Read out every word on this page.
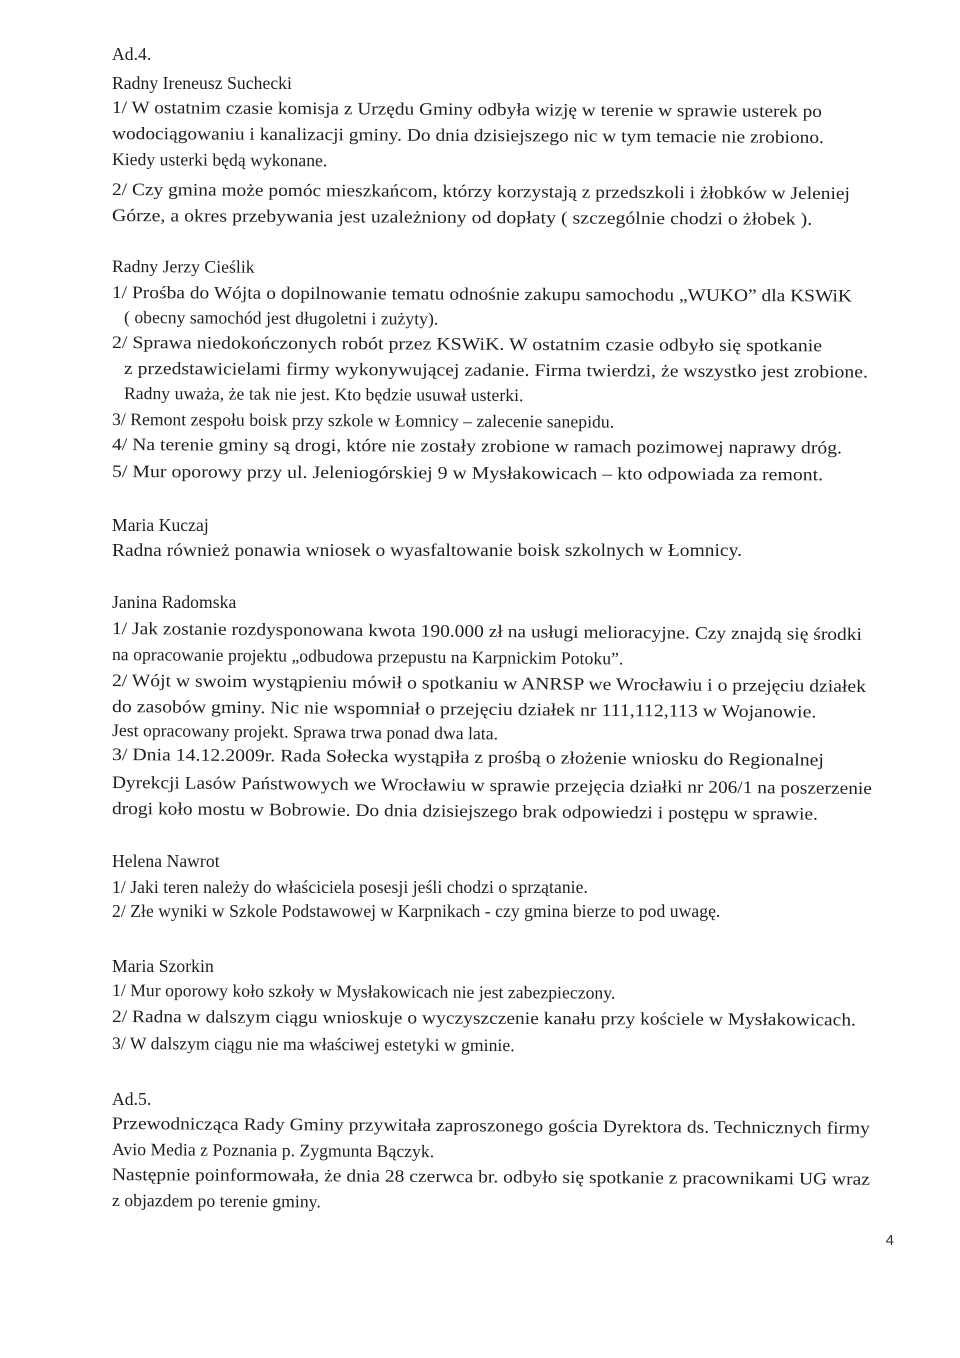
Ad.4.
Radny Ireneusz Suchecki
1/ W ostatnim czasie komisja z Urzędu Gminy odbyła wizję w terenie w sprawie usterek po
wodociągowaniu i kanalizacji gminy. Do dnia dzisiejszego nic w tym temacie nie zrobiono.
Kiedy usterki będą wykonane.
2/ Czy gmina może pomóc mieszkańcom, którzy korzystają z przedszkoli i żłobków w Jeleniej
Górze, a okres przebywania jest uzależniony od dopłaty ( szczególnie chodzi o żłobek ).
Radny Jerzy Cieślik
1/ Prośba do Wójta o dopilnowanie tematu odnośnie zakupu samochodu „WUKO” dla KSWiK
( obecny samochód jest długoletni i zużyty).
2/ Sprawa niedokończonych robót przez KSWiK. W ostatnim czasie odbyło się spotkanie
z przedstawicielami firmy wykonywującej zadanie. Firma twierdzi, że wszystko jest zrobione.
Radny uważa, że tak nie jest. Kto będzie usuwał usterki.
3/ Remont zespołu boisk przy szkole w Łomnicy – zalecenie sanepidu.
4/ Na terenie gminy są drogi, które nie zostały zrobione w ramach pozimowej naprawy dróg.
5/ Mur oporowy przy ul. Jeleniogórskiej 9 w Mysłakowicach – kto odpowiada za remont.
Maria Kuczaj
Radna również ponawia wniosek o wyasfaltowanie boisk szkolnych w Łomnicy.
Janina Radomska
1/ Jak zostanie rozdysponowana kwota 190.000 zł na usługi melioracyjne. Czy znajdą się środki
na opracowanie projektu „odbudowa przepustu na Karpnickim Potoku”.
2/ Wójt w swoim wystąpieniu mówił o spotkaniu w ANRSP we Wrocławiu i o przejęciu działek
do zasobów gminy. Nic nie wspomniał o przejęciu działek nr 111,112,113 w Wojanowie.
Jest opracowany projekt. Sprawa trwa ponad dwa lata.
3/ Dnia 14.12.2009r. Rada Sołecka wystąpiła z prośbą o złożenie wniosku do Regionalnej
Dyrekcji Lasów Państwowych we Wrocławiu w sprawie przejęcia działki nr 206/1 na poszerzenie
drogi koło mostu w Bobrowie. Do dnia dzisiejszego brak odpowiedzi i postępu w sprawie.
Helena Nawrot
1/ Jaki teren należy do właściciela posesji jeśli chodzi o sprzątanie.
2/ Złe wyniki w Szkole Podstawowej w Karpnikach - czy gmina bierze to pod uwagę.
Maria Szorkin
1/ Mur oporowy koło szkoły w Mysłakowicach nie jest zabezpieczony.
2/ Radna w dalszym ciągu wnioskuje o wyczyszczenie kanału przy kościele w Mysłakowicach.
3/ W dalszym ciągu nie ma właściwej estetyki w gminie.
Ad.5.
Przewodnicząca Rady Gminy przywitała zaproszonego gościa Dyrektora ds. Technicznych firmy
Avio Media z Poznania p. Zygmunta Bączyk.
Następnie poinformowała, że dnia 28 czerwca br. odbyło się spotkanie z pracownikami UG wraz
z objazdem po terenie gminy.
4
